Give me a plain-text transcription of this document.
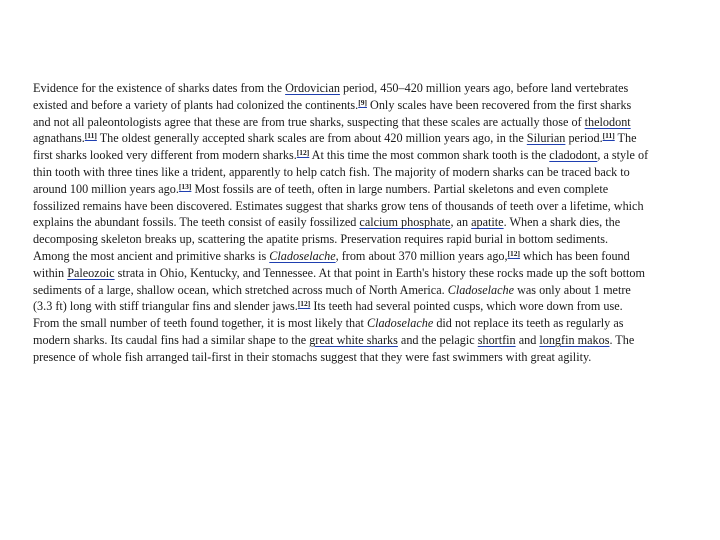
Evidence for the existence of sharks dates from the Ordovician period, 450–420 million years ago, before land vertebrates existed and before a variety of plants had colonized the continents.[9] Only scales have been recovered from the first sharks and not all paleontologists agree that these are from true sharks, suspecting that these scales are actually those of thelodont agnathans.[11] The oldest generally accepted shark scales are from about 420 million years ago, in the Silurian period.[11] The first sharks looked very different from modern sharks.[12] At this time the most common shark tooth is the cladodont, a style of thin tooth with three tines like a trident, apparently to help catch fish. The majority of modern sharks can be traced back to around 100 million years ago.[13] Most fossils are of teeth, often in large numbers. Partial skeletons and even complete fossilized remains have been discovered. Estimates suggest that sharks grow tens of thousands of teeth over a lifetime, which explains the abundant fossils. The teeth consist of easily fossilized calcium phosphate, an apatite. When a shark dies, the decomposing skeleton breaks up, scattering the apatite prisms. Preservation requires rapid burial in bottom sediments.

Among the most ancient and primitive sharks is Cladoselache, from about 370 million years ago,[12] which has been found within Paleozoic strata in Ohio, Kentucky, and Tennessee. At that point in Earth's history these rocks made up the soft bottom sediments of a large, shallow ocean, which stretched across much of North America. Cladoselache was only about 1 metre (3.3 ft) long with stiff triangular fins and slender jaws.[12] Its teeth had several pointed cusps, which wore down from use. From the small number of teeth found together, it is most likely that Cladoselache did not replace its teeth as regularly as modern sharks. Its caudal fins had a similar shape to the great white sharks and the pelagic shortfin and longfin makos. The presence of whole fish arranged tail-first in their stomachs suggest that they were fast swimmers with great agility.
